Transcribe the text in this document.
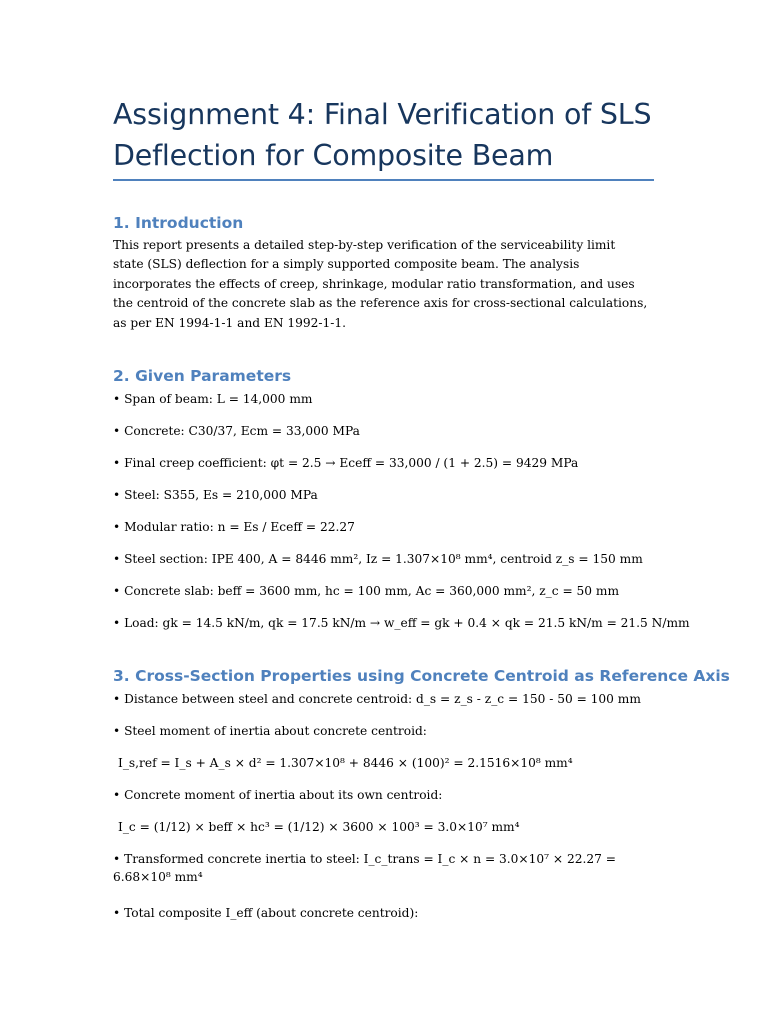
Assignment 4: Final Verification of SLS Deflection for Composite Beam
1. Introduction

This report presents a detailed step-by-step verification of the serviceability limit state (SLS) deflection for a simply supported composite beam. The analysis incorporates the effects of creep, shrinkage, modular ratio transformation, and uses the centroid of the concrete slab as the reference axis for cross-sectional calculations, as per EN 1994-1-1 and EN 1992-1-1.

2. Given Parameters

• Span of beam: L = 14,000 mm

• Concrete: C30/37, Ecm = 33,000 MPa

• Final creep coefficient: φt = 2.5 → Eceff = 33,000 / (1 + 2.5) = 9429 MPa

• Steel: S355, Es = 210,000 MPa

• Modular ratio: n = Es / Eceff = 22.27

• Steel section: IPE 400, A = 8446 mm², Iz = 1.307×10⁸ mm⁴, centroid z_s = 150 mm

• Concrete slab: beff = 3600 mm, hc = 100 mm, Ac = 360,000 mm², z_c = 50 mm

• Load: gk = 14.5 kN/m, qk = 17.5 kN/m → w_eff = gk + 0.4 × qk = 21.5 kN/m = 21.5 N/mm

3. Cross-Section Properties using Concrete Centroid as Reference Axis

• Distance between steel and concrete centroid: d_s = z_s - z_c = 150 - 50 = 100 mm

• Steel moment of inertia about concrete centroid:

I_s,ref = I_s + A_s × d² = 1.307×10⁸ + 8446 × (100)² = 2.1516×10⁸ mm⁴

• Concrete moment of inertia about its own centroid:

I_c = (1/12) × beff × hc³ = (1/12) × 3600 × 100³ = 3.0×10⁷ mm⁴

• Transformed concrete inertia to steel: I_c_trans = I_c × n = 3.0×10⁷ × 22.27 = 6.68×10⁸ mm⁴

• Total composite I_eff (about concrete centroid):
